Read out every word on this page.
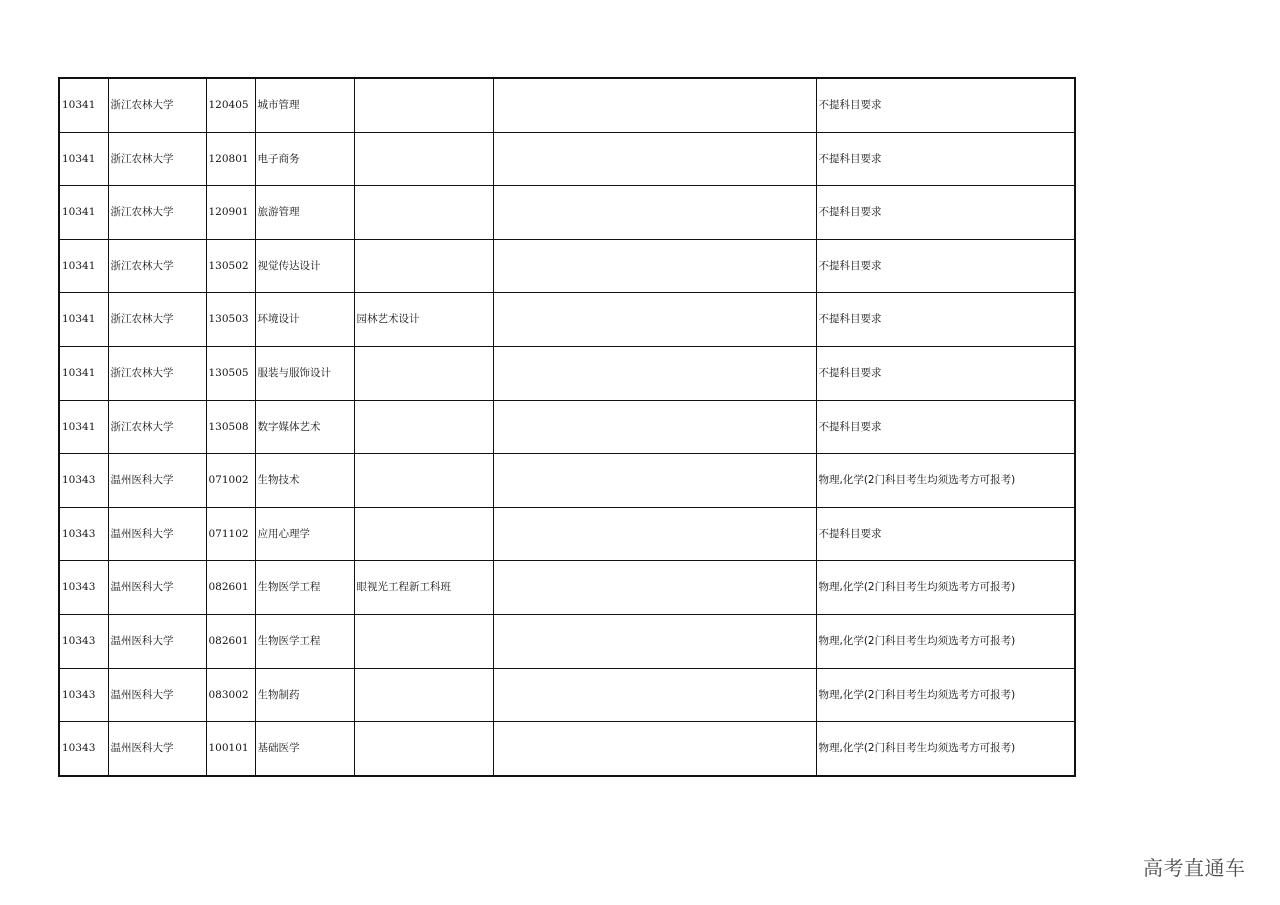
10341	浙江农林大学	120405	城市管理			不提科目要求
10341	浙江农林大学	120801	电子商务			不提科目要求
10341	浙江农林大学	120901	旅游管理			不提科目要求
10341	浙江农林大学	130502	视觉传达设计			不提科目要求
10341	浙江农林大学	130503	环境设计	园林艺术设计		不提科目要求
10341	浙江农林大学	130505	服装与服饰设计			不提科目要求
10341	浙江农林大学	130508	数字媒体艺术			不提科目要求
10343	温州医科大学	071002	生物技术			物理,化学(2门科目考生均须选考方可报考)
10343	温州医科大学	071102	应用心理学			不提科目要求
10343	温州医科大学	082601	生物医学工程	眼视光工程新工科班		物理,化学(2门科目考生均须选考方可报考)
10343	温州医科大学	082601	生物医学工程			物理,化学(2门科目考生均须选考方可报考)
10343	温州医科大学	083002	生物制药			物理,化学(2门科目考生均须选考方可报考)
10343	温州医科大学	100101	基础医学			物理,化学(2门科目考生均须选考方可报考)
高考直通车
